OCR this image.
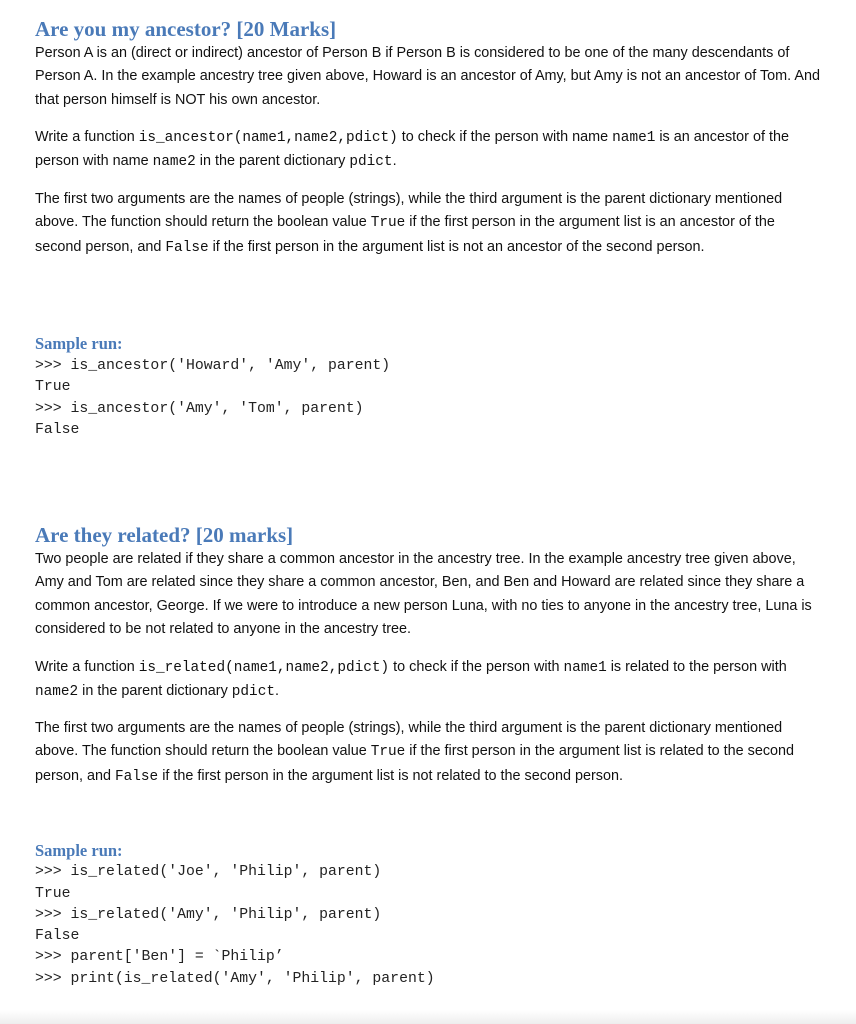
Are you my ancestor? [20 Marks]

Person A is an (direct or indirect) ancestor of Person B if Person B is considered to be one of the many descendants of Person A. In the example ancestry tree given above, Howard is an ancestor of Amy, but Amy is not an ancestor of Tom. And that person himself is NOT his own ancestor.

Write a function is_ancestor(name1,name2,pdict) to check if the person with name name1 is an ancestor of the person with name name2 in the parent dictionary pdict.

The first two arguments are the names of people (strings), while the third argument is the parent dictionary mentioned above. The function should return the boolean value True if the first person in the argument list is an ancestor of the second person, and False if the first person in the argument list is not an ancestor of the second person.

Sample run:
>>> is_ancestor('Howard', 'Amy', parent)
True
>>> is_ancestor('Amy', 'Tom', parent)
False
Are they related? [20 marks]

Two people are related if they share a common ancestor in the ancestry tree. In the example ancestry tree given above, Amy and Tom are related since they share a common ancestor, Ben, and Ben and Howard are related since they share a common ancestor, George. If we were to introduce a new person Luna, with no ties to anyone in the ancestry tree, Luna is considered to be not related to anyone in the ancestry tree.

Write a function is_related(name1,name2,pdict) to check if the person with name1 is related to the person with name2 in the parent dictionary pdict.

The first two arguments are the names of people (strings), while the third argument is the parent dictionary mentioned above. The function should return the boolean value True if the first person in the argument list is related to the second person, and False if the first person in the argument list is not related to the second person.

Sample run:
>>> is_related('Joe', 'Philip', parent)
True
>>> is_related('Amy', 'Philip', parent)
False
>>> parent['Ben'] = `Philip’
>>> print(is_related('Amy', 'Philip', parent)
